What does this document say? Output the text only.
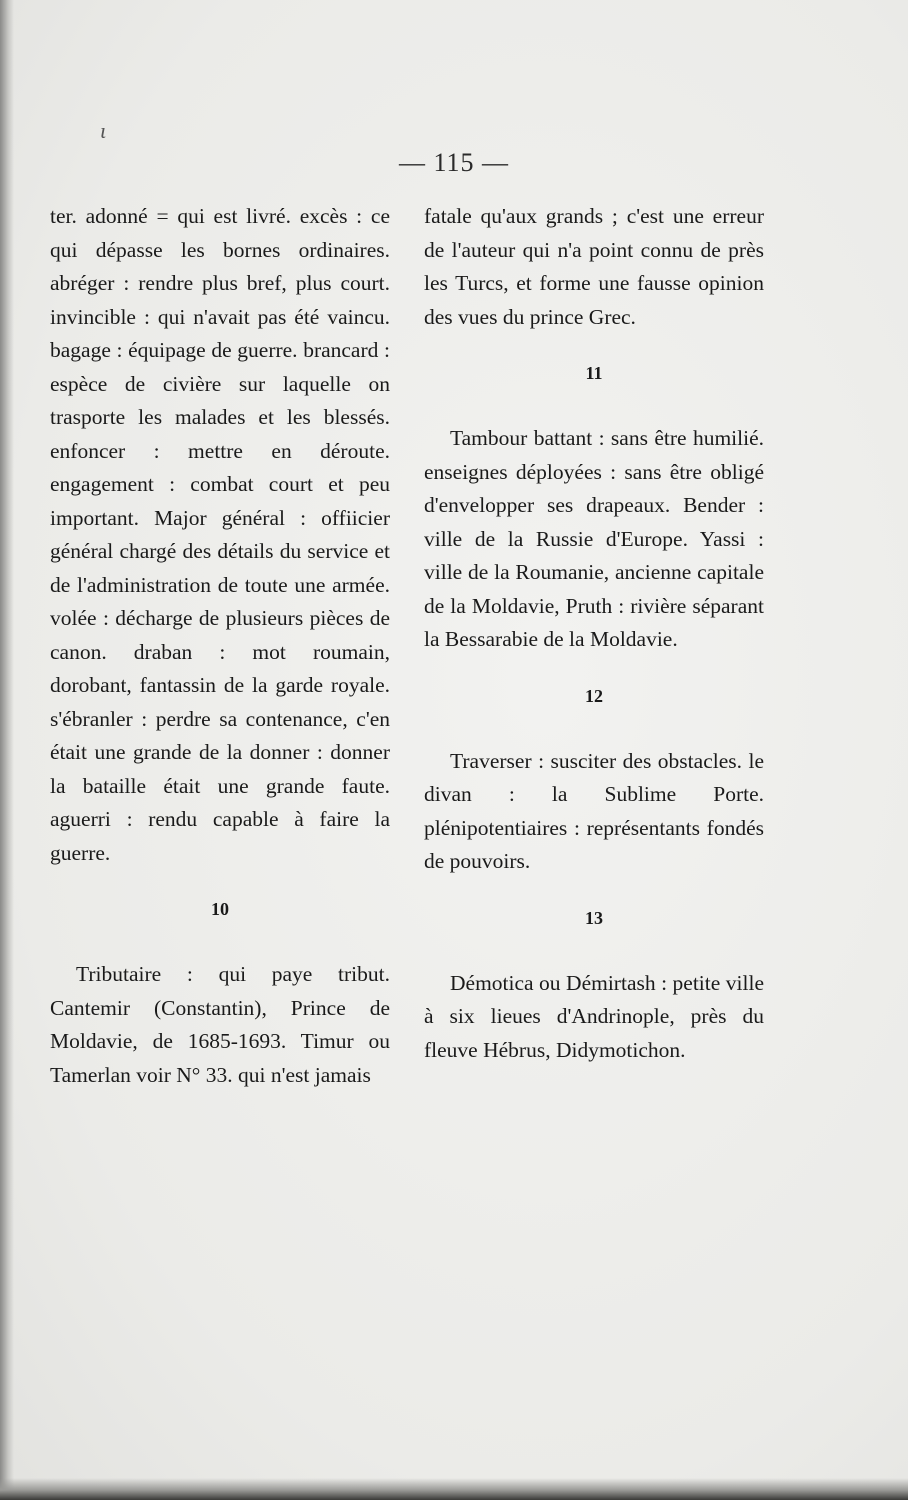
ɩ
— 115 —

ter. adonné = qui est livré. excès : ce qui dépasse les bornes ordinaires. abréger : rendre plus bref, plus court. invincible : qui n'avait pas été vaincu. bagage : équipage de guerre. brancard : espèce de civière sur laquelle on trasporte les malades et les blessés. enfoncer : mettre en déroute. engagement : combat court et peu important. Major général : offiicier général chargé des détails du service et de l'administration de toute une armée. volée : décharge de plusieurs pièces de canon. draban : mot roumain, dorobant, fantassin de la garde royale. s'ébranler : perdre sa contenance, c'en était une grande de la donner : donner la bataille était une grande faute. aguerri : rendu capable à faire la guerre.

10

Tributaire : qui paye tribut. Cantemir (Constantin), Prince de Moldavie, de 1685-1693. Timur ou Tamerlan voir N° 33. qui n'est jamais

fatale qu'aux grands ; c'est une erreur de l'auteur qui n'a point connu de près les Turcs, et forme une fausse opinion des vues du prince Grec.

11

Tambour battant : sans être humilié. enseignes déployées : sans être obligé d'envelopper ses drapeaux. Bender : ville de la Russie d'Europe. Yassi : ville de la Roumanie, ancienne capitale de la Moldavie, Pruth : rivière séparant la Bessarabie de la Moldavie.

12

Traverser : susciter des obstacles. le divan : la Sublime Porte. plénipotentiaires : représentants fondés de pouvoirs.

13

Démotica ou Démirtash : petite ville à six lieues d'Andrinople, près du fleuve Hébrus, Didymotichon.
